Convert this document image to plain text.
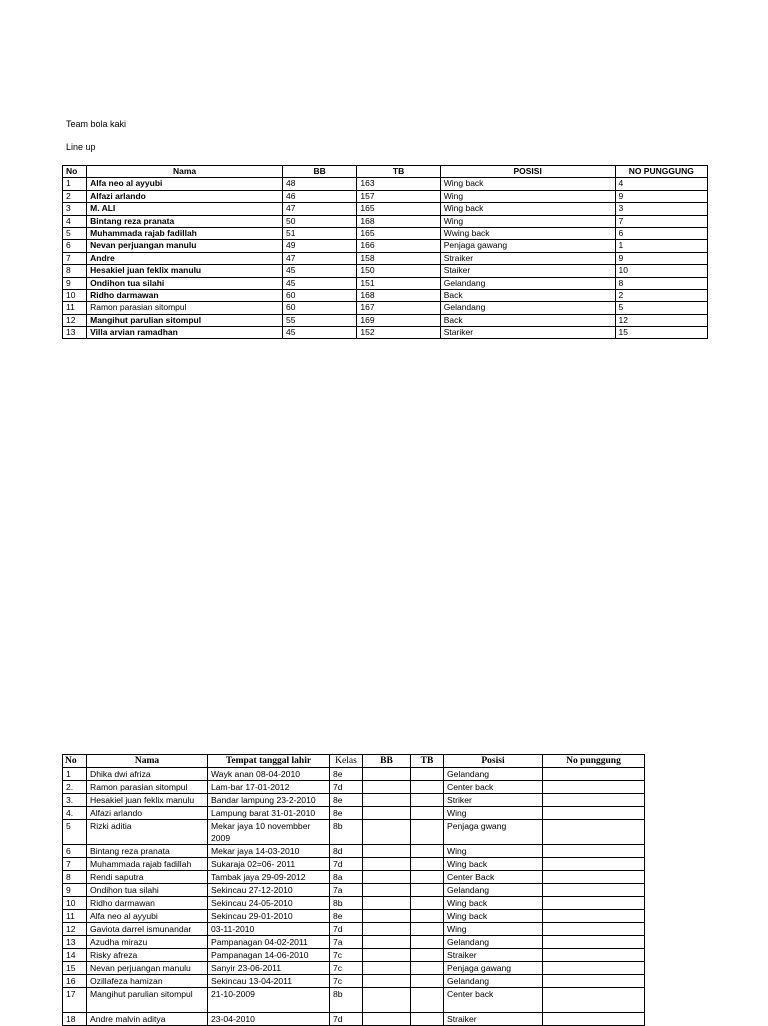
Team bola kaki
Line up
No	Nama	BB	TB	POSISI	NO PUNGGUNG
1	Alfa neo al ayyubi	48	163	Wing back	4
2	Alfazi arlando	46	157	Wing	9
3	M. ALI	47	165	Wing back	3
4	Bintang reza pranata	50	168	Wing	7
5	Muhammada rajab fadillah	51	165	Wwing back	6
6	Nevan perjuangan manulu	49	166	Penjaga gawang	1
7	Andre	47	158	Straiker	9
8	Hesakiel juan feklix manulu	45	150	Staiker	10
9	Ondihon tua silahi	45	151	Gelandang	8
10	Ridho darmawan	60	168	Back	2
11	Ramon parasian sitompul	60	167	Gelandang	5
12	Mangihut parulian sitompul	55	169	Back	12
13	Villa arvian ramadhan	45	152	Stariker	15
No	Nama	Tempat tanggal lahir	Kelas	BB	TB	Posisi	No punggung
1	Dhika dwi afriza	Wayk anan 08-04-2010	8e			Gelandang	
2.	Ramon parasian sitompul	Lam-bar 17-01-2012	7d			Center back	
3.	Hesakiel juan feklix manulu	Bandar lampung 23-2-2010	8e			Striker	
4.	Alfazi arlando	Lampung barat 31-01-2010	8e			Wing	
5	Rizki aditia	Mekar jaya 10 novembber 2009	8b			Penjaga gwang	
6	Bintang reza pranata	Mekar jaya 14-03-2010	8d			Wing	
7	Muhammada rajab fadillah	Sukaraja 02=06- 2011	7d			Wing back	
8	Rendi saputra	Tambak jaya 29-09-2012	8a			Center Back	
9	Ondihon tua silahi	Sekincau 27-12-2010	7a			Gelandang	
10	Ridho darmawan	Sekincau 24-05-2010	8b			Wing back	
11	Alfa neo al ayyubi	Sekincau 29-01-2010	8e			Wing back	
12	Gaviota darrel ismunandar	03-11-2010	7d			Wing	
13	Azudha mirazu	Pampanagan 04-02-2011	7a			Gelandang	
14	Risky afreza	Pampanagan 14-06-2010	7c			Straiker	
15	Nevan perjuangan manulu	Sanyir 23-06-2011	7c			Penjaga gawang	
16	Ozillafeza hamizan	Sekincau 13-04-2011	7c			Gelandang	
17	Mangihut parulian sitompul	21-10-2009	8b			Center back	
18	Andre malvin aditya	23-04-2010	7d			Straiker	
